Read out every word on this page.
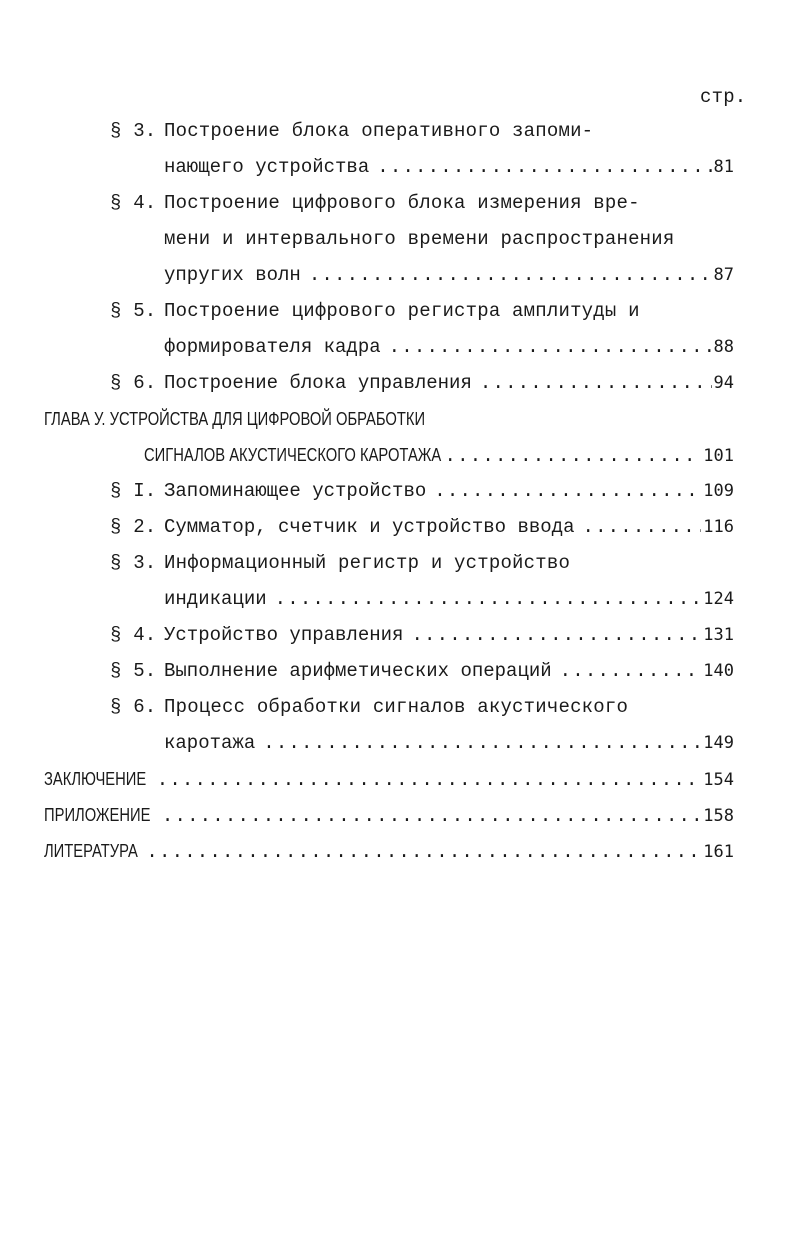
стр.
§ 3. Построение блока оперативного запоми-
нающего устройства .....	81
§ 4. Построение цифрового блока измерения вре-
мени и интервального времени распространения
упругих волн .....	87
§ 5. Построение цифрового регистра амплитуды и
формирователя кадра .....	88
§ 6. Построение блока управления .....	94
ГЛАВА У. УСТРОЙСТВА ДЛЯ ЦИФРОВОЙ ОБРАБОТКИ
СИГНАЛОВ АКУСТИЧЕСКОГО КАРОТАЖА .....	101
§ I. Запоминающее устройство .....	109
§ 2. Сумматор, счетчик и устройство ввода .....	116
§ 3. Информационный регистр и устройство
индикации .....	124
§ 4. Устройство управления .....	131
§ 5. Выполнение арифметических операций .....	140
§ 6. Процесс обработки сигналов акустического
каротажа .....	149
ЗАКЛЮЧЕНИЕ .....	154
ПРИЛОЖЕНИЕ .....	158
ЛИТЕРАТУРА .....	161
